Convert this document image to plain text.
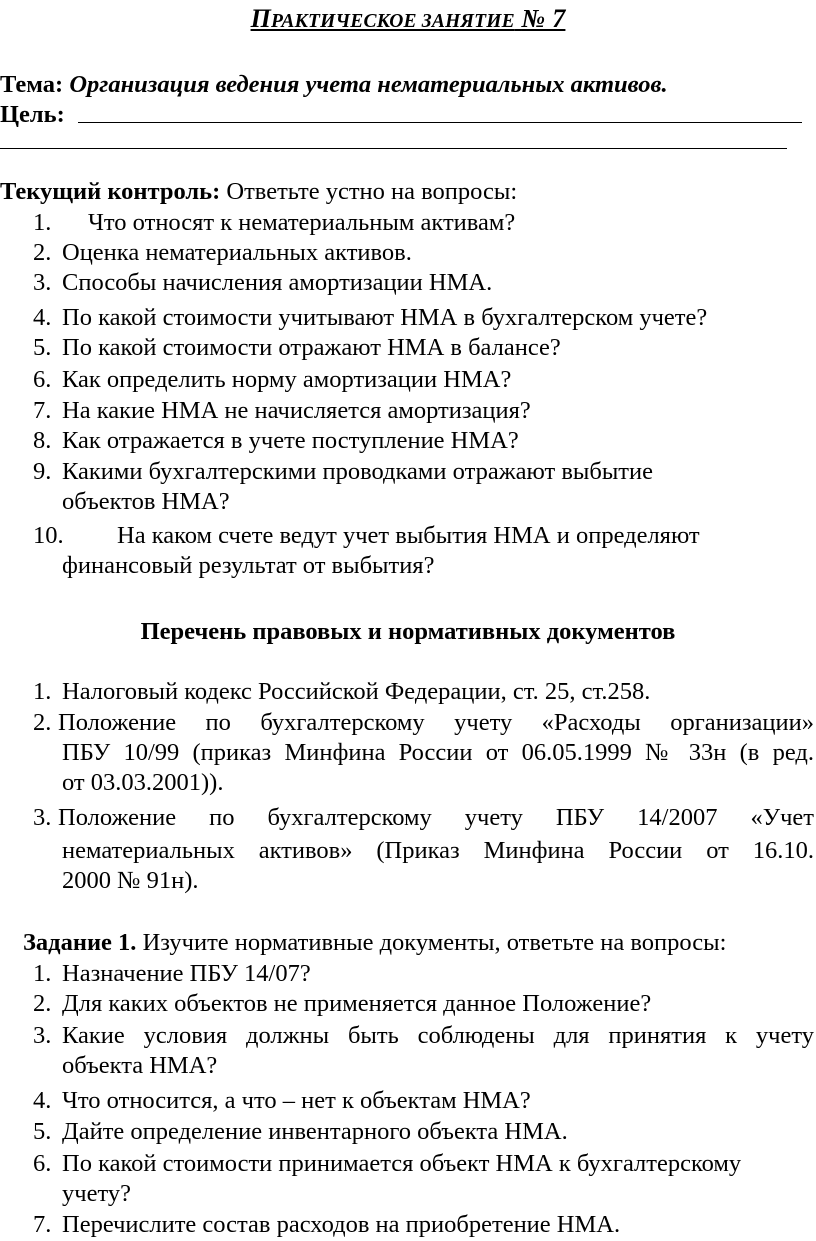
ПРАКТИЧЕСКОЕ ЗАНЯТИЕ № 7
Тема: Организация ведения учета нематериальных активов.
Цель:
Текущий контроль: Ответьте устно на вопросы:
1. Что относят к нематериальным активам?
2. Оценка нематериальных активов.
3. Способы начисления амортизации НМА.
4. По какой стоимости учитывают НМА в бухгалтерском учете?
5. По какой стоимости отражают НМА в балансе?
6. Как определить норму амортизации НМА?
7. На какие НМА не начисляется амортизация?
8. Как отражается в учете поступление НМА?
9. Какими бухгалтерскими проводками отражают выбытие
объектов НМА?
10. На каком счете ведут учет выбытия НМА и определяют
финансовый результат от выбытия?
Перечень правовых и нормативных документов
1. Налоговый кодекс Российской Федерации, ст. 25, ст.258.
2. Положение по бухгалтерскому учету «Расходы организации»
ПБУ 10/99 (приказ Минфина России от 06.05.1999 № 33н (в ред.
от 03.03.2001)).
3. Положение по бухгалтерскому учету ПБУ 14/2007 «Учет
нематериальных активов» (Приказ Минфина России от 16.10.
2000 № 91н).
Задание 1. Изучите нормативные документы, ответьте на вопросы:
1. Назначение ПБУ 14/07?
2. Для каких объектов не применяется данное Положение?
3. Какие условия должны быть соблюдены для принятия к учету
объекта НМА?
4. Что относится, а что – нет к объектам НМА?
5. Дайте определение инвентарного объекта НМА.
6. По какой стоимости принимается объект НМА к бухгалтерскому
учету?
7. Перечислите состав расходов на приобретение НМА.
